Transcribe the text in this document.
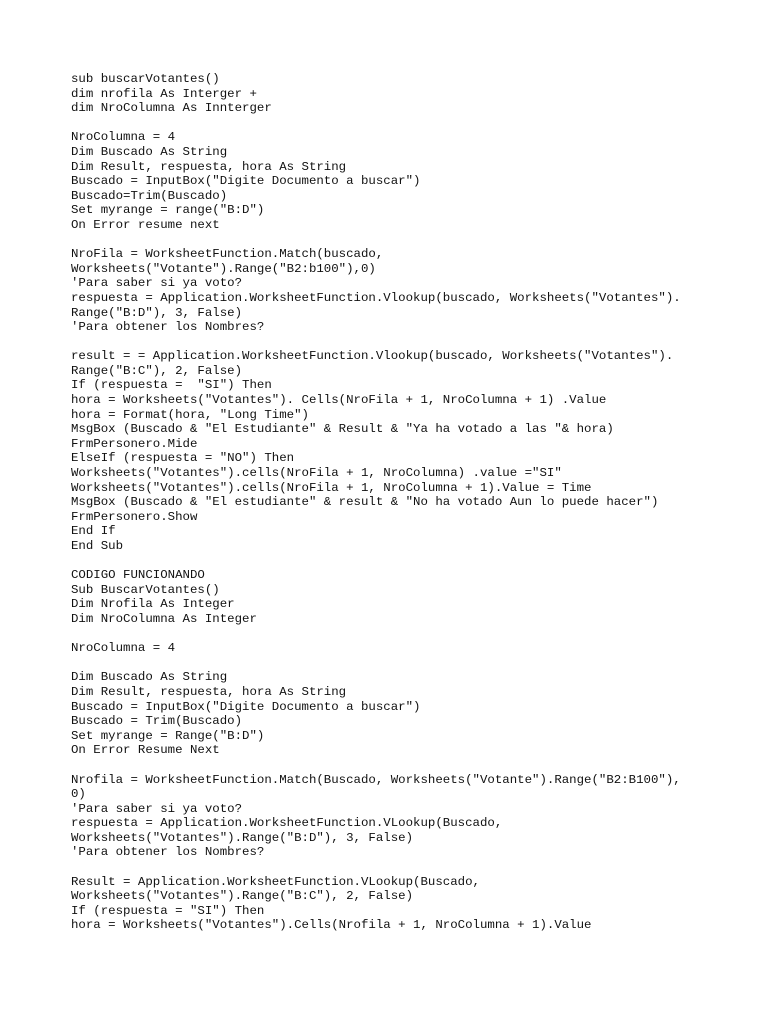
sub buscarVotantes()
dim nrofila As Interger +
dim NroColumna As Innterger
NroColumna = 4
Dim Buscado As String
Dim Result, respuesta, hora As String
Buscado = InputBox("Digite Documento a buscar")
Buscado=Trim(Buscado)
Set myrange = range("B:D")
On Error resume next
NroFila = WorksheetFunction.Match(buscado,
Worksheets("Votante").Range("B2:b100"),0)
'Para saber si ya voto?
respuesta = Application.WorksheetFunction.Vlookup(buscado, Worksheets("Votantes").
Range("B:D"), 3, False)
'Para obtener los Nombres?
result = = Application.WorksheetFunction.Vlookup(buscado, Worksheets("Votantes").
Range("B:C"), 2, False)
If (respuesta =  "SI") Then
hora = Worksheets("Votantes"). Cells(NroFila + 1, NroColumna + 1) .Value
hora = Format(hora, "Long Time")
MsgBox (Buscado & "El Estudiante" & Result & "Ya ha votado a las "& hora)
FrmPersonero.Mide
ElseIf (respuesta = "NO") Then
Worksheets("Votantes").cells(NroFila + 1, NroColumna) .value ="SI"
Worksheets("Votantes").cells(NroFila + 1, NroColumna + 1).Value = Time
MsgBox (Buscado & "El estudiante" & result & "No ha votado Aun lo puede hacer")
FrmPersonero.Show
End If
End Sub
CODIGO FUNCIONANDO
Sub BuscarVotantes()
Dim Nrofila As Integer
Dim NroColumna As Integer
NroColumna = 4
Dim Buscado As String
Dim Result, respuesta, hora As String
Buscado = InputBox("Digite Documento a buscar")
Buscado = Trim(Buscado)
Set myrange = Range("B:D")
On Error Resume Next
Nrofila = WorksheetFunction.Match(Buscado, Worksheets("Votante").Range("B2:B100"),
0)
'Para saber si ya voto?
respuesta = Application.WorksheetFunction.VLookup(Buscado,
Worksheets("Votantes").Range("B:D"), 3, False)
'Para obtener los Nombres?
Result = Application.WorksheetFunction.VLookup(Buscado,
Worksheets("Votantes").Range("B:C"), 2, False)
If (respuesta = "SI") Then
hora = Worksheets("Votantes").Cells(Nrofila + 1, NroColumna + 1).Value
